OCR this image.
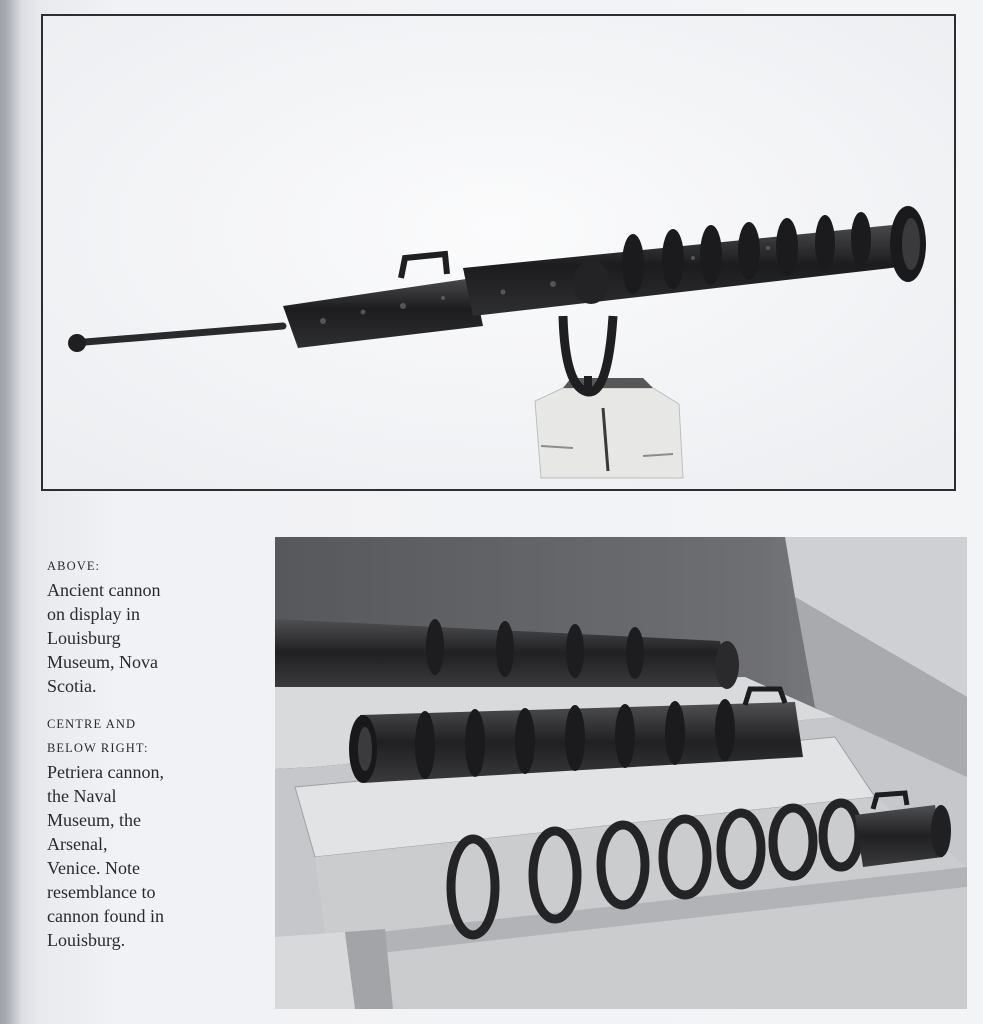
ABOVE:
Ancient cannon
on display in
Louisburg
Museum, Nova
Scotia.
CENTRE AND
BELOW RIGHT:
Petriera cannon,
the Naval
Museum, the
Arsenal,
Venice. Note
resemblance to
cannon found in
Louisburg.
